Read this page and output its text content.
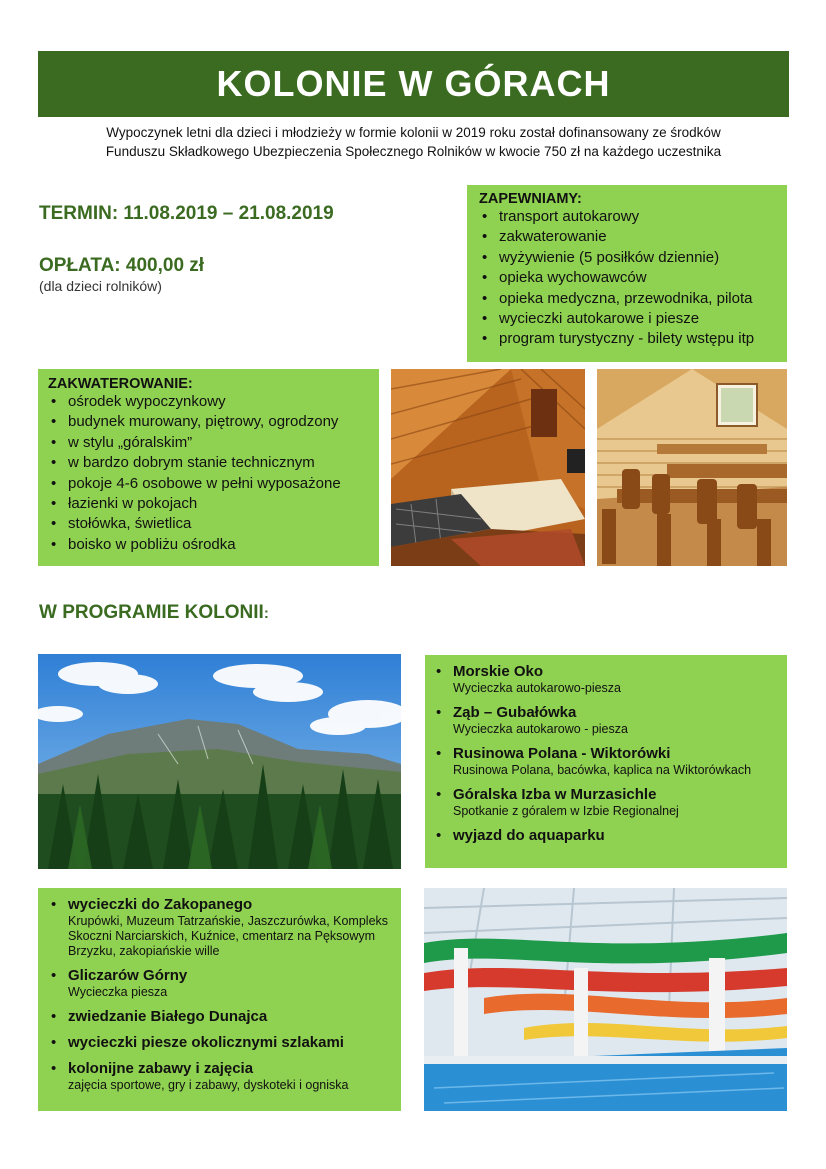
KOLONIE W GÓRACH
Wypoczynek letni dla dzieci i młodzieży w formie kolonii w 2019 roku został dofinansowany ze środków
Funduszu Składkowego Ubezpieczenia Społecznego Rolników w kwocie 750 zł na każdego uczestnika
TERMIN: 11.08.2019 – 21.08.2019
OPŁATA: 400,00 zł
(dla dzieci rolników)
ZAPEWNIAMY:
• transport autokarowy
• zakwaterowanie
• wyżywienie (5 posiłków dziennie)
• opieka wychowawców
• opieka medyczna, przewodnika, pilota
• wycieczki autokarowe i piesze
• program turystyczny - bilety wstępu itp
ZAKWATEROWANIE:
• ośrodek wypoczynkowy
• budynek murowany, piętrowy, ogrodzony
• w stylu „góralskim”
• w bardzo dobrym stanie technicznym
• pokoje 4-6 osobowe w pełni wyposażone
• łazienki w pokojach
• stołówka, świetlica
• boisko w pobliżu ośrodka
W PROGRAMIE KOLONII:
• Morskie Oko
Wycieczka autokarowo-piesza
• Ząb – Gubałówka
Wycieczka autokarowo - piesza
• Rusinowa Polana - Wiktorówki
Rusinowa Polana, bacówka, kaplica na Wiktorówkach
• Góralska Izba w Murzasichle
Spotkanie z góralem w Izbie Regionalnej
• wyjazd do aquaparku
• wycieczki do Zakopanego
Krupówki, Muzeum Tatrzańskie, Jaszczurówka, Kompleks Skoczni Narciarskich, Kuźnice, cmentarz na Pęksowym Brzyzku, zakopiańskie wille
• Gliczarów Górny
Wycieczka piesza
• zwiedzanie Białego Dunajca
• wycieczki piesze okolicznymi szlakami
• kolonijne zabawy i zajęcia
zajęcia sportowe, gry i zabawy, dyskoteki i ogniska
